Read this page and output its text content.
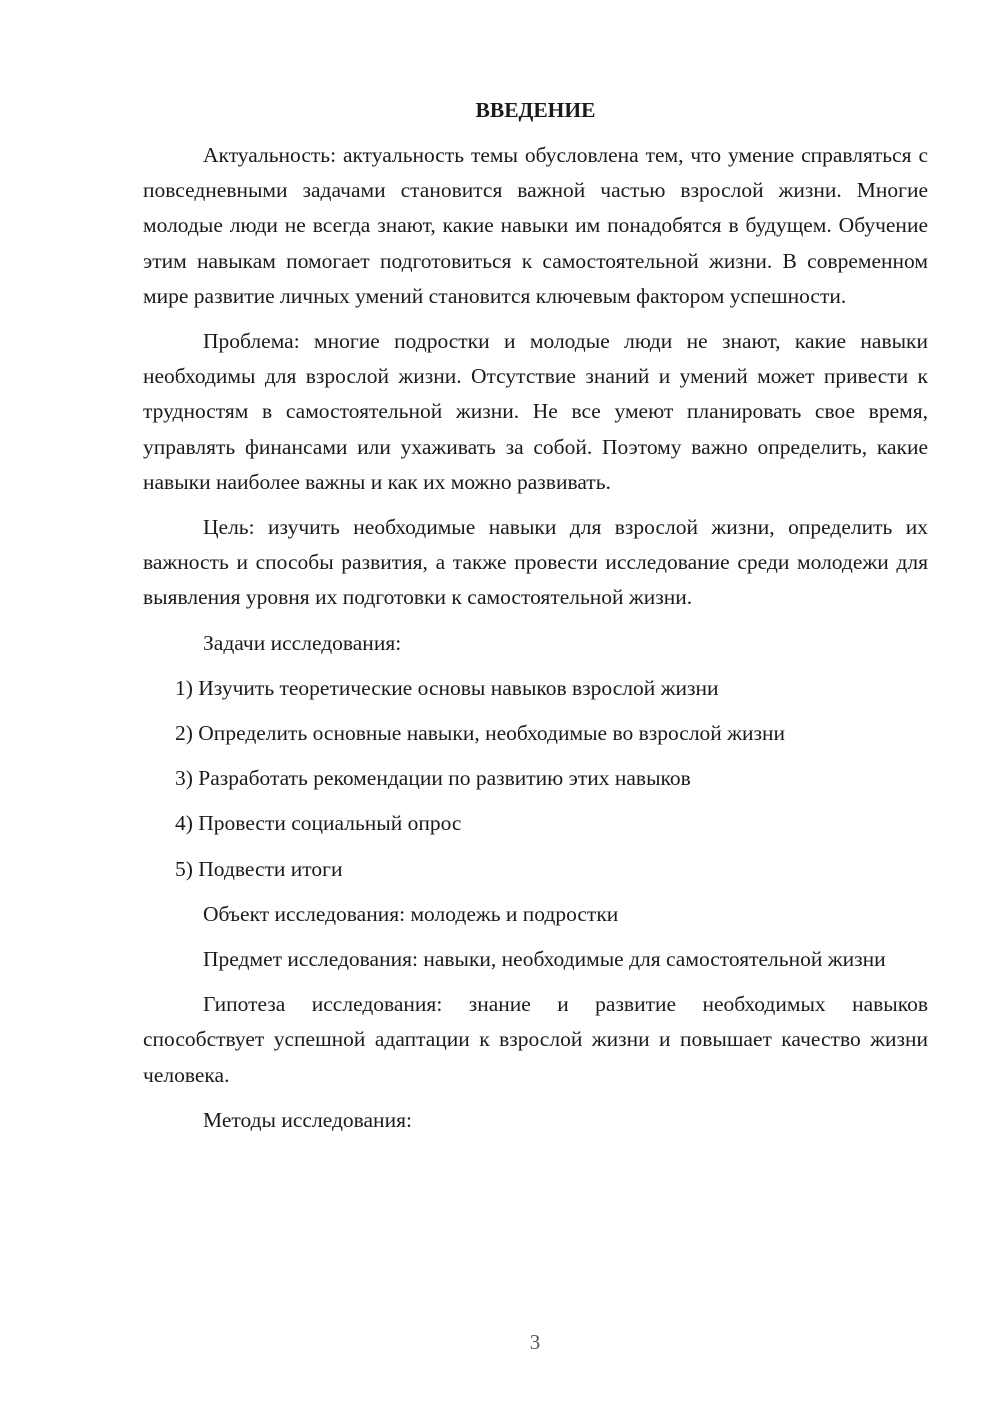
ВВЕДЕНИЕ

Актуальность: актуальность темы обусловлена тем, что умение справляться с повседневными задачами становится важной частью взрослой жизни. Многие молодые люди не всегда знают, какие навыки им понадобятся в будущем. Обучение этим навыкам помогает подготовиться к самостоятельной жизни. В современном мире развитие личных умений становится ключевым фактором успешности.

Проблема: многие подростки и молодые люди не знают, какие навыки необходимы для взрослой жизни. Отсутствие знаний и умений может привести к трудностям в самостоятельной жизни. Не все умеют планировать свое время, управлять финансами или ухаживать за собой. Поэтому важно определить, какие навыки наиболее важны и как их можно развивать.

Цель: изучить необходимые навыки для взрослой жизни, определить их важность и способы развития, а также провести исследование среди молодежи для выявления уровня их подготовки к самостоятельной жизни.

Задачи исследования:

1) Изучить теоретические основы навыков взрослой жизни
2) Определить основные навыки, необходимые во взрослой жизни
3) Разработать рекомендации по развитию этих навыков
4) Провести социальный опрос
5) Подвести итоги

Объект исследования: молодежь и подростки

Предмет исследования: навыки, необходимые для самостоятельной жизни

Гипотеза исследования: знание и развитие необходимых навыков способствует успешной адаптации к взрослой жизни и повышает качество жизни человека.

Методы исследования:

3
